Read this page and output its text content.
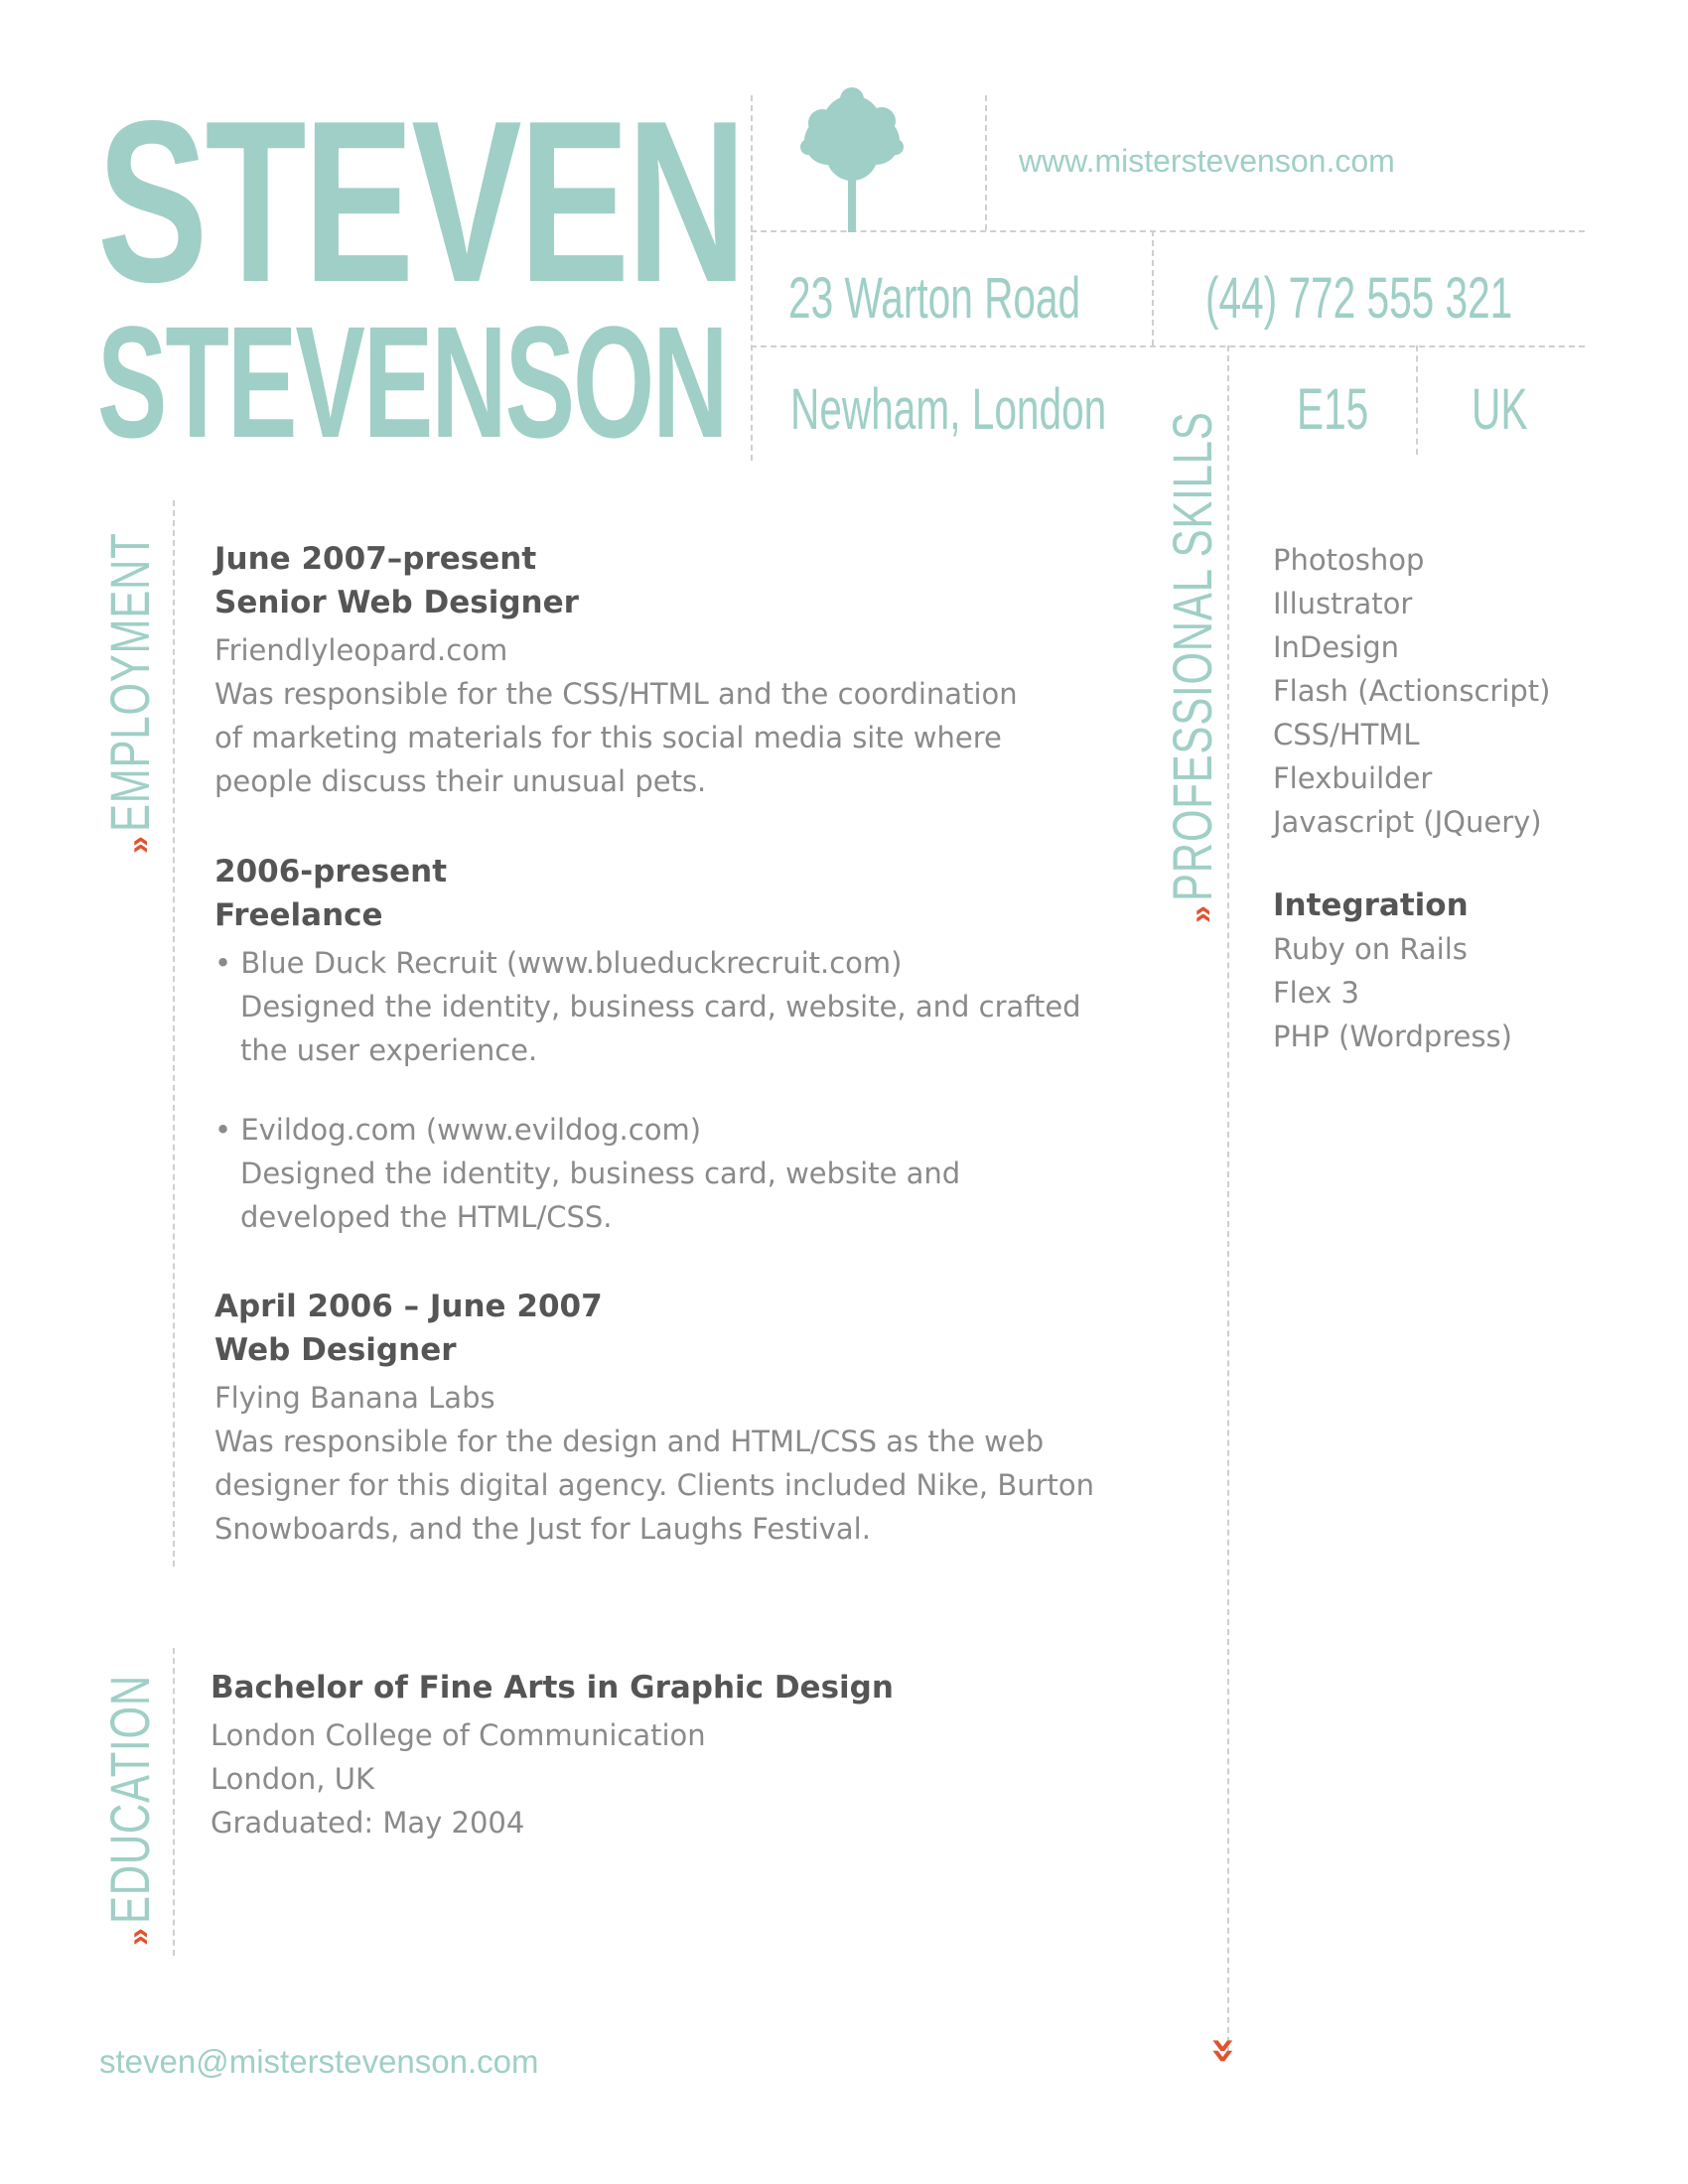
STEVEN
STEVENSON
www.misterstevenson.com
23 Warton Road (44) 772 555 321
Newham, London	E15 UK
» EMPLOYMENT
» PROFESSIONAL SKILLS
» EDUCATION
June 2007–present
Senior Web Designer
Friendlyleopard.com
Was responsible for the CSS/HTML and the coordination of marketing materials for this social media site where people discuss their unusual pets.
2006-present
Freelance
• Blue Duck Recruit (www.blueduckrecruit.com)
Designed the identity, business card, website, and crafted the user experience.
• Evildog.com (www.evildog.com)
Designed the identity, business card, website and developed the HTML/CSS.
April 2006 – June 2007
Web Designer
Flying Banana Labs
Was responsible for the design and HTML/CSS as the web designer for this digital agency. Clients included Nike, Burton Snowboards, and the Just for Laughs Festival.
Bachelor of Fine Arts in Graphic Design
London College of Communication
London, UK
Graduated: May 2004
Photoshop
Illustrator
InDesign
Flash (Actionscript)
CSS/HTML
Flexbuilder
Javascript (JQuery)
Integration
Ruby on Rails
Flex 3
PHP (Wordpress)
steven@misterstevenson.com	»
